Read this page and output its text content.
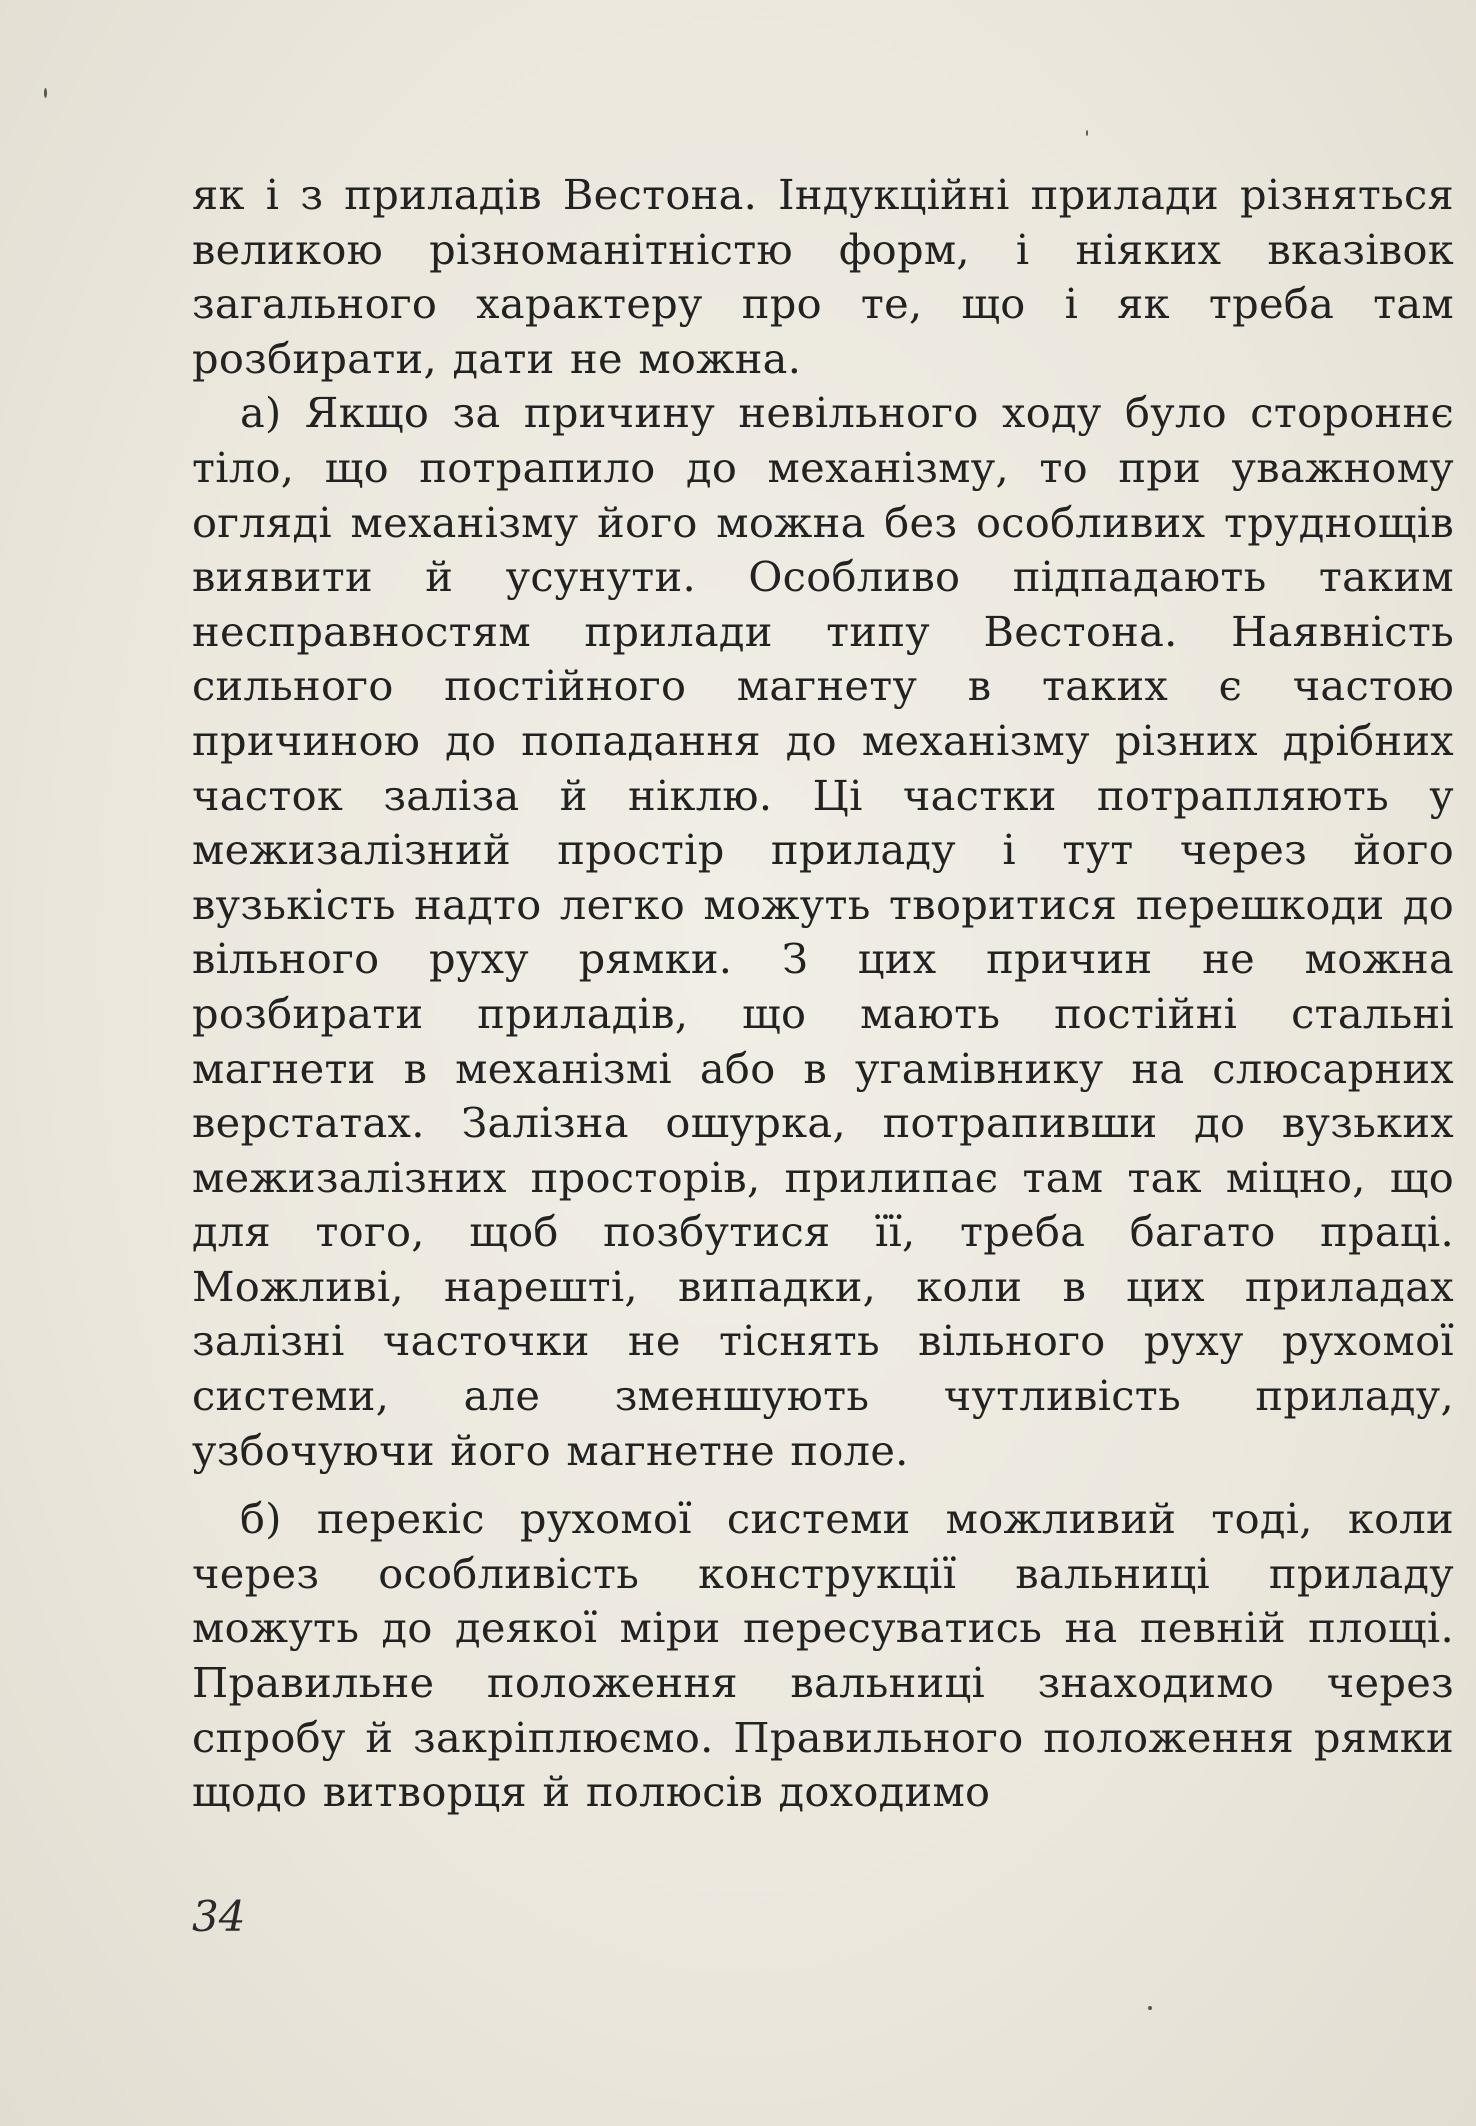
як і з приладів Вестона. Індукційні прилади різняться великою різноманітністю форм, і ніяких вказівок загального характеру про те, що і як треба там розбирати, дати не можна.

а) Якщо за причину невільного ходу було стороннє тіло, що потрапило до механізму, то при уважному огляді механізму його можна без особливих труднощів виявити й усунути. Особливо підпадають таким несправностям прилади типу Вестона. Наявність сильного постійного магнету в таких є частою причиною до попадання до механізму різних дрібних часток заліза й ніклю. Ці частки потрапляють у межизалізний простір приладу і тут через його вузькість надто легко можуть творитися перешкоди до вільного руху рямки. З цих причин не можна розбирати приладів, що мають постійні стальні магнети в механізмі або в угамівнику на слюсарних верстатах. Залізна ошурка, потрапивши до вузьких межизалізних просторів, прилипає там так міцно, що для того, щоб позбутися її, треба багато праці. Можливі, нарешті, випадки, коли в цих приладах залізні часточки не тіснять вільного руху рухомої системи, але зменшують чутливість приладу, узбочуючи його магнетне поле.

б) перекіс рухомої системи можливий тоді, коли через особливість конструкції вальниці приладу можуть до деякої міри пересуватись на певній площі. Правильне положення вальниці знаходимо через спробу й закріплюємо. Правильного положення рямки щодо витворця й полюсів доходимо

34
